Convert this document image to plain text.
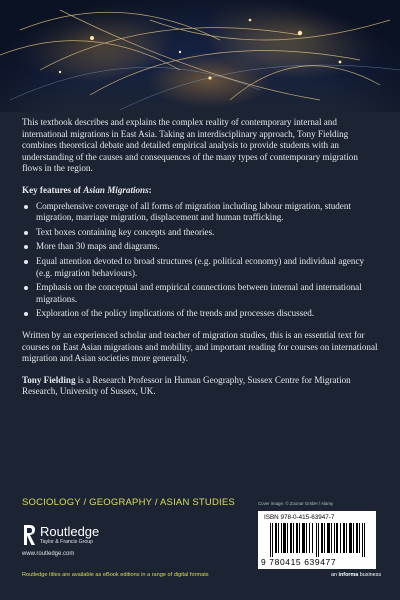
This textbook describes and explains the complex reality of contemporary internal and international migrations in East Asia. Taking an interdisciplinary approach, Tony Fielding combines theoretical debate and detailed empirical analysis to provide students with an understanding of the causes and consequences of the many types of contemporary migration flows in the region.

Key features of Asian Migrations:
Comprehensive coverage of all forms of migration including labour migration, student migration, marriage migration, displacement and human trafficking.
Text boxes containing key concepts and theories.
More than 30 maps and diagrams.
Equal attention devoted to broad structures (e.g. political economy) and individual agency (e.g. migration behaviours).
Emphasis on the conceptual and empirical connections between internal and international migrations.
Exploration of the policy implications of the trends and processes discussed.

Written by an experienced scholar and teacher of migration studies, this is an essential text for courses on East Asian migrations and mobility, and important reading for courses on international migration and Asian societies more generally.

Tony Fielding is a Research Professor in Human Geography, Sussex Centre for Migration Research, University of Sussex, UK.

SOCIOLOGY / GEOGRAPHY / ASIAN STUDIES	Cover image: © Zoonar GmbH / Alamy
Routledge
Taylor & Francis Group
www.routledge.com
Routledge titles are available as eBook editions in a range of digital formats
ISBN 978-0-415-63947-7
9 780415 639477
an informa business
